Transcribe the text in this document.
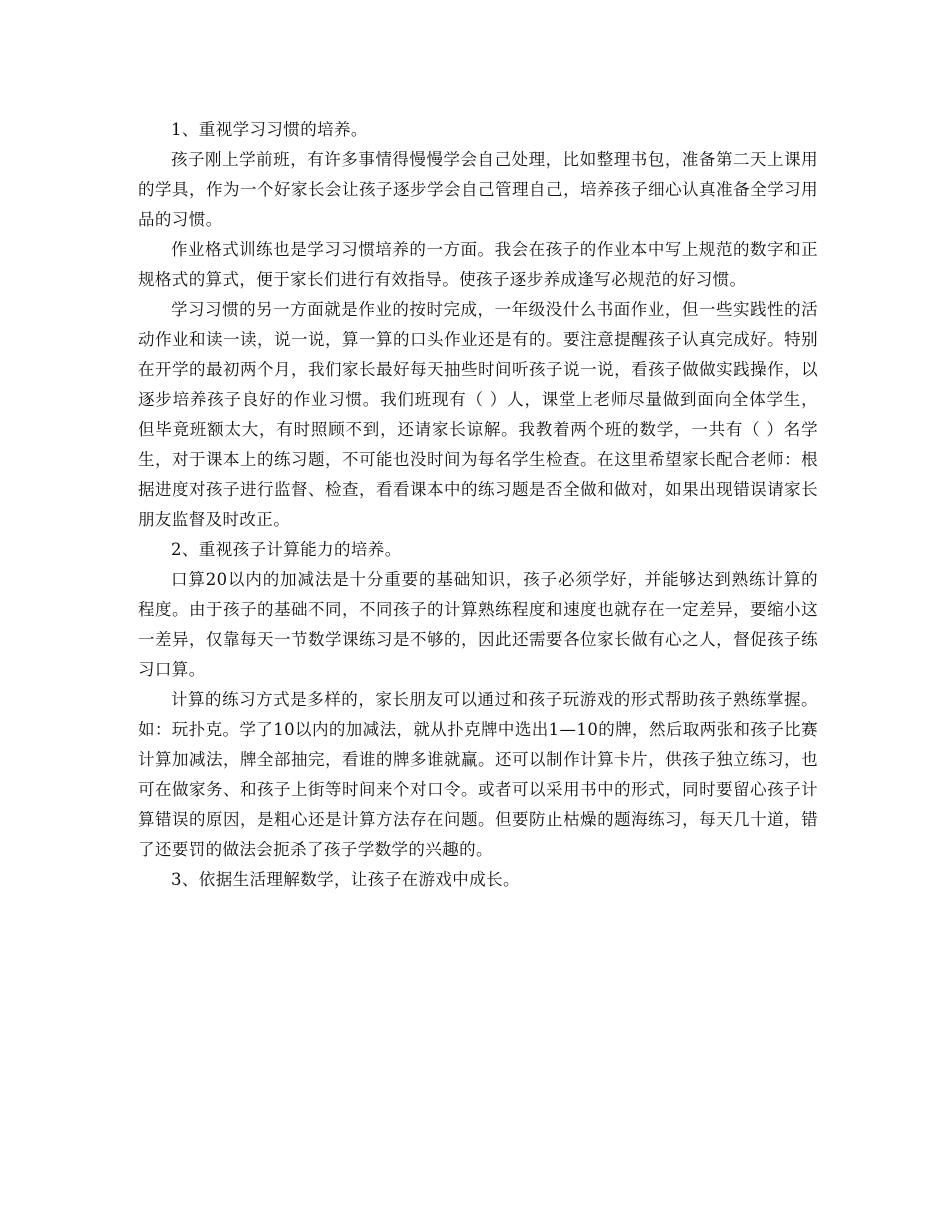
1、重视学习习惯的培养。

孩子刚上学前班，有许多事情得慢慢学会自己处理，比如整理书包，准备第二天上课用的学具，作为一个好家长会让孩子逐步学会自己管理自己，培养孩子细心认真准备全学习用品的习惯。

作业格式训练也是学习习惯培养的一方面。我会在孩子的作业本中写上规范的数字和正规格式的算式，便于家长们进行有效指导。使孩子逐步养成逢写必规范的好习惯。

学习习惯的另一方面就是作业的按时完成，一年级没什么书面作业，但一些实践性的活动作业和读一读，说一说，算一算的口头作业还是有的。要注意提醒孩子认真完成好。特别在开学的最初两个月，我们家长最好每天抽些时间听孩子说一说，看孩子做做实践操作，以逐步培养孩子良好的作业习惯。我们班现有（ ）人，课堂上老师尽量做到面向全体学生，但毕竟班额太大，有时照顾不到，还请家长谅解。我教着两个班的数学，一共有（ ）名学生，对于课本上的练习题，不可能也没时间为每名学生检查。在这里希望家长配合老师：根据进度对孩子进行监督、检查，看看课本中的练习题是否全做和做对，如果出现错误请家长朋友监督及时改正。

2、重视孩子计算能力的培养。

口算20以内的加减法是十分重要的基础知识，孩子必须学好，并能够达到熟练计算的程度。由于孩子的基础不同，不同孩子的计算熟练程度和速度也就存在一定差异，要缩小这一差异，仅靠每天一节数学课练习是不够的，因此还需要各位家长做有心之人，督促孩子练习口算。

计算的练习方式是多样的，家长朋友可以通过和孩子玩游戏的形式帮助孩子熟练掌握。如：玩扑克。学了10以内的加减法，就从扑克牌中选出1—10的牌，然后取两张和孩子比赛计算加减法，牌全部抽完，看谁的牌多谁就赢。还可以制作计算卡片，供孩子独立练习，也可在做家务、和孩子上街等时间来个对口令。或者可以采用书中的形式，同时要留心孩子计算错误的原因，是粗心还是计算方法存在问题。但要防止枯燥的题海练习，每天几十道，错了还要罚的做法会扼杀了孩子学数学的兴趣的。

3、依据生活理解数学，让孩子在游戏中成长。
